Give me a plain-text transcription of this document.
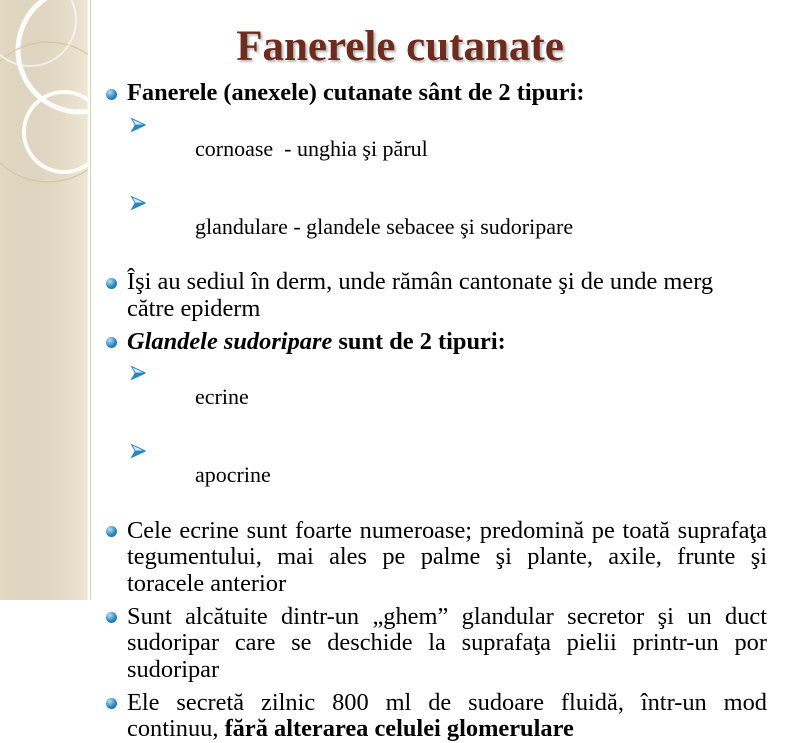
Fanerele cutanate
Fanerele (anexele) cutanate sânt de 2 tipuri:

cornoase  - unghia şi părul

glandulare - glandele sebacee şi sudoripare

Îşi au sediul în derm, unde rămân cantonate şi de unde merg
către epiderm
Glandele sudoripare sunt de 2 tipuri:

ecrine

apocrine

Cele ecrine sunt foarte numeroase; predomină pe toată suprafaţa
tegumentului, mai ales pe palme şi plante, axile, frunte şi
toracele anterior
Sunt alcătuite dintr-un „ghem” glandular secretor şi un duct
sudoripar care se deschide la suprafaţa pielii printr-un por
sudoripar
Ele secretă zilnic 800 ml de sudoare fluidă, într-un mod
continuu, fără alterarea celulei glomerulare
